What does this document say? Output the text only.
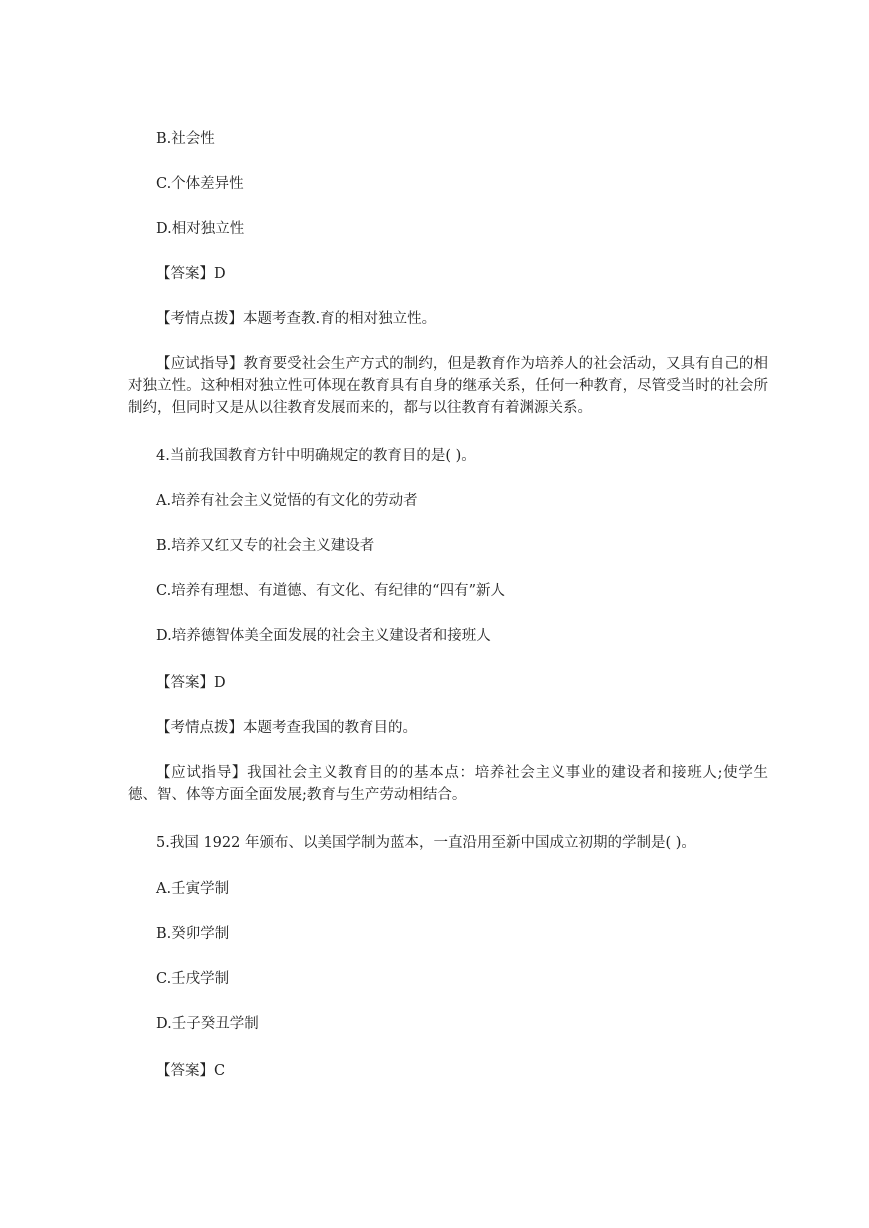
B.社会性
C.个体差异性
D.相对独立性
【答案】D
【考情点拨】本题考查教.育的相对独立性。
【应试指导】教育要受社会生产方式的制约，但是教育作为培养人的社会活动，又具有自己的相对独立性。这种相对独立性可体现在教育具有自身的继承关系，任何一种教育，尽管受当时的社会所制约，但同时又是从以往教育发展而来的，都与以往教育有着渊源关系。
4.当前我国教育方针中明确规定的教育目的是( )。
A.培养有社会主义觉悟的有文化的劳动者
B.培养又红又专的社会主义建设者
C.培养有理想、有道德、有文化、有纪律的“四有”新人
D.培养德智体美全面发展的社会主义建设者和接班人
【答案】D
【考情点拨】本题考查我国的教育目的。
【应试指导】我国社会主义教育目的的基本点：培养社会主义事业的建设者和接班人;使学生德、智、体等方面全面发展;教育与生产劳动相结合。
5.我国 1922 年颁布、以美国学制为蓝本，一直沿用至新中国成立初期的学制是( )。
A.壬寅学制
B.癸卯学制
C.壬戌学制
D.壬子癸丑学制
【答案】C
